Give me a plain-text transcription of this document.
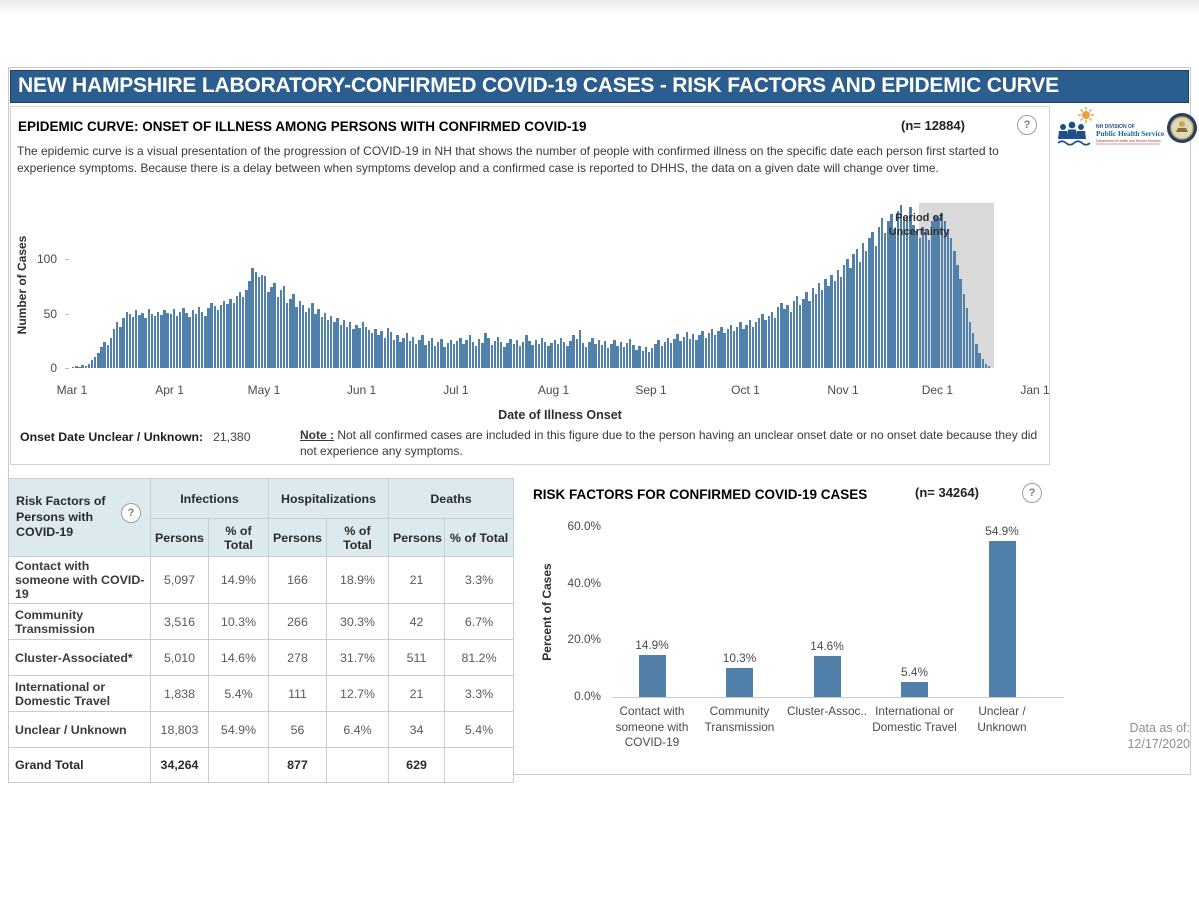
NEW HAMPSHIRE LABORATORY-CONFIRMED COVID-19 CASES - RISK FACTORS AND EPIDEMIC CURVE
EPIDEMIC CURVE: ONSET OF ILLNESS AMONG PERSONS WITH CONFIRMED COVID-19	(n= 12884)	?
The epidemic curve is a visual presentation of the progression of COVID-19 in NH that shows the number of people with confirmed illness on the specific date each person first started to experience symptoms. Because there is a delay between when symptoms develop and a confirmed case is reported to DHHS, the data on a given date will change over time.
Number of Cases
0
50
100
Period of Uncertainty
Mar 1	Apr 1	May 1	Jun 1	Jul 1	Aug 1	Sep 1	Oct 1	Nov 1	Dec 1	Jan 1
Date of Illness Onset
Onset Date Unclear / Unknown: 21,380	Note : Not all confirmed cases are included in this figure due to the person having an unclear onset date or no onset date because they did not experience any symptoms.
NH DIVISION OF
Public Health Services
Department of Health and Human Services
Risk Factors of Persons with COVID-19
?	Infections		Hospitalizations		Deaths	
	Persons	% of Total	Persons	% of Total	Persons	% of Total
Contact with someone with COVID-19	5,097	14.9%	166	18.9%	21	3.3%
Community Transmission	3,516	10.3%	266	30.3%	42	6.7%
Cluster-Associated*	5,010	14.6%	278	31.7%	511	81.2%
International or Domestic Travel	1,838	5.4%	111	12.7%	21	3.3%
Unclear / Unknown	18,803	54.9%	56	6.4%	34	5.4%
Grand Total	34,264		877		629	
RISK FACTORS FOR CONFIRMED COVID-19 CASES	(n= 34264)	?
Percent of Cases
0.0%
20.0%
40.0%
60.0%
14.9%
10.3%
14.6%
5.4%
54.9%
Data as of:
12/17/2020
Contact with someone with COVID-19
Community Transmission
Cluster-Assoc.. International or Domestic Travel
Unclear / Unknown
